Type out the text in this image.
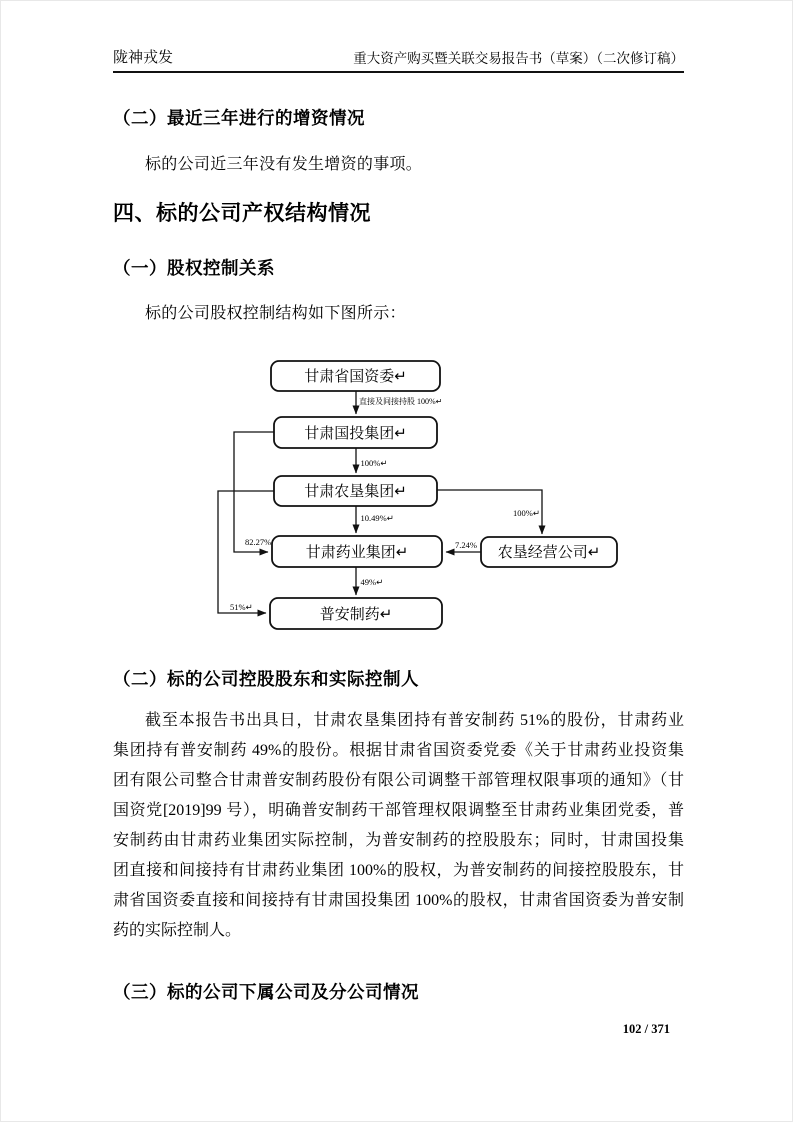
陇神戎发	重大资产购买暨关联交易报告书（草案）（二次修订稿）
（二）最近三年进行的增资情况
标的公司近三年没有发生增资的事项。
四、标的公司产权结构情况
（一）股权控制关系
标的公司股权控制结构如下图所示：
甘肃省国资委↵
甘肃国投集团↵
甘肃农垦集团↵
甘肃药业集团↵
普安制药↵
农垦经营公司↵
直接及间接持股 100%↵
100%↵
10.49%↵
49%↵
100%↵
7.24%
82.27%
51%↵
（二）标的公司控股股东和实际控制人
截至本报告书出具日，甘肃农垦集团持有普安制药 51%的股份，甘肃药业
集团持有普安制药 49%的股份。根据甘肃省国资委党委《关于甘肃药业投资集
团有限公司整合甘肃普安制药股份有限公司调整干部管理权限事项的通知》（甘
国资党[2019]99 号），明确普安制药干部管理权限调整至甘肃药业集团党委，普
安制药由甘肃药业集团实际控制，为普安制药的控股股东；同时，甘肃国投集
团直接和间接持有甘肃药业集团 100%的股权，为普安制药的间接控股股东，甘
肃省国资委直接和间接持有甘肃国投集团 100%的股权，甘肃省国资委为普安制
药的实际控制人。
（三）标的公司下属公司及分公司情况
102 / 371
